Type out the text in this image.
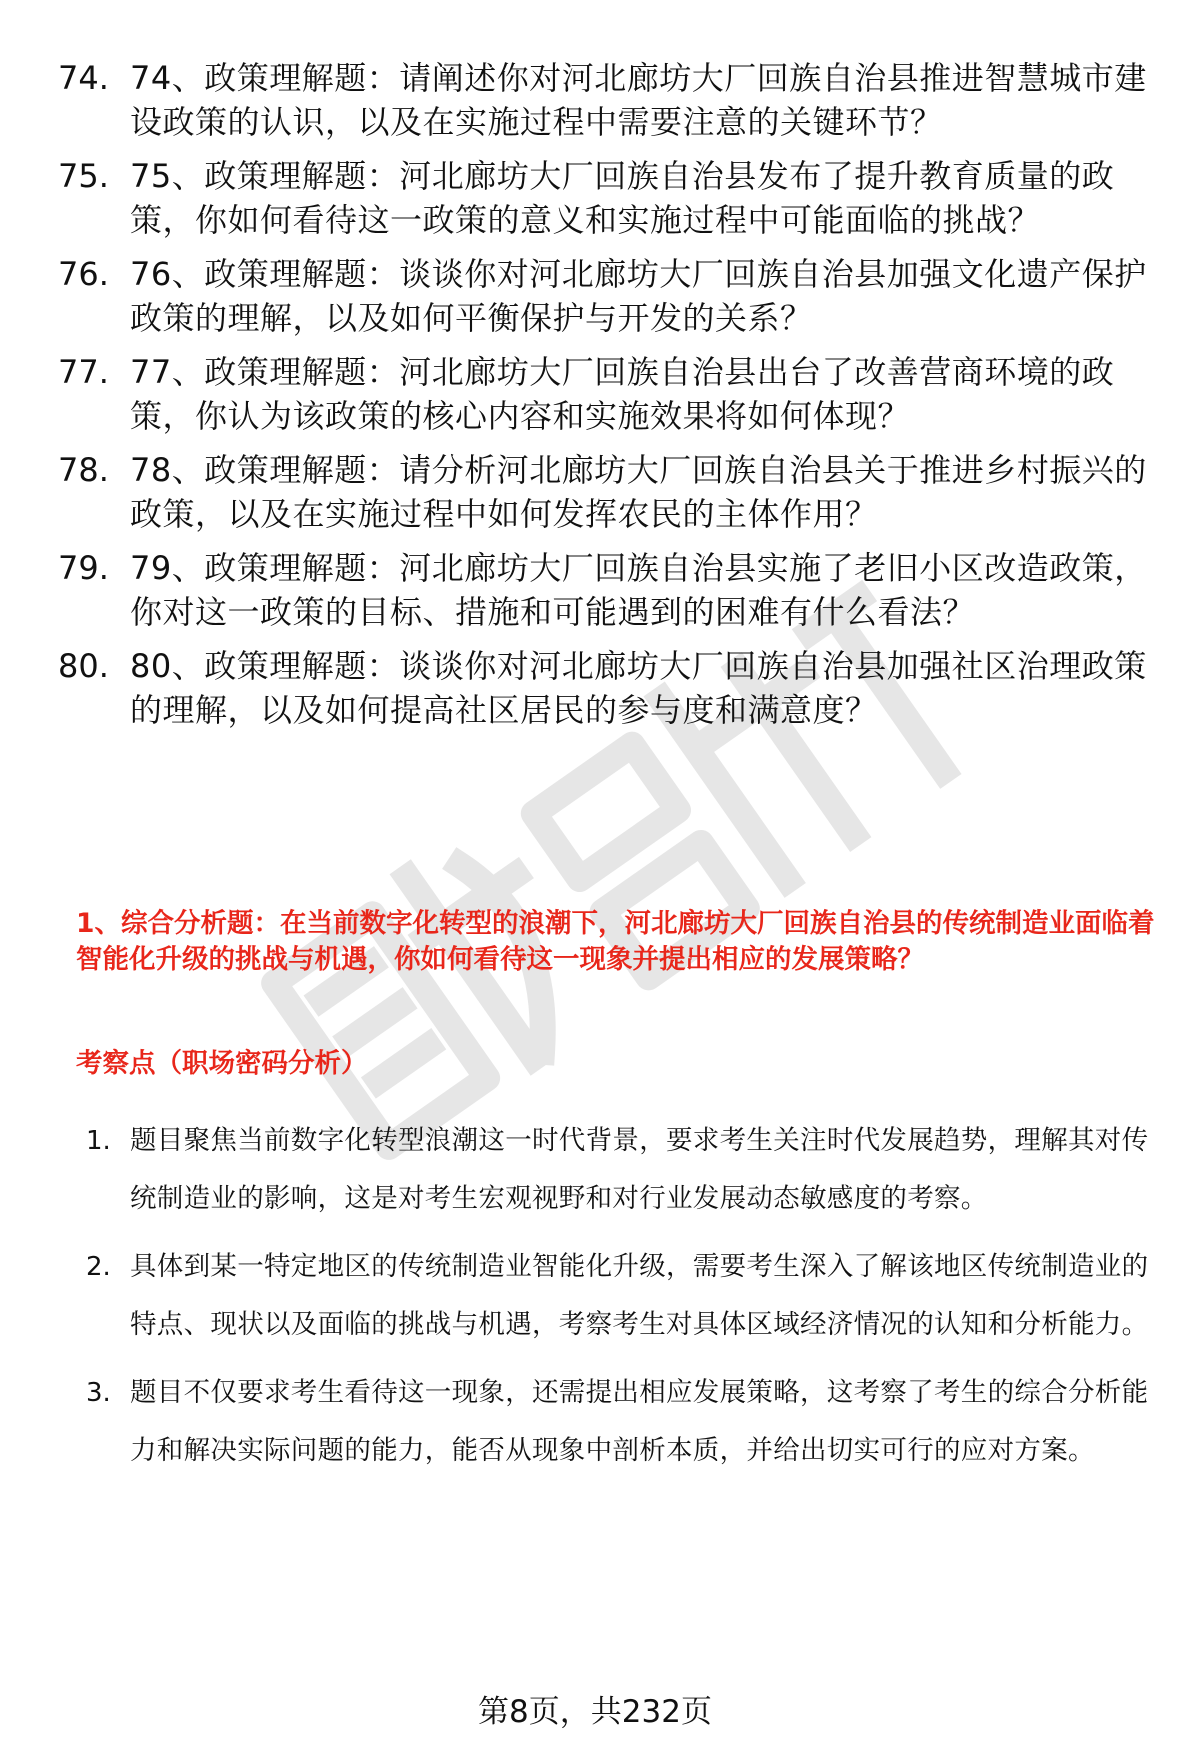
74. 74、政策理解题：请阐述你对河北廊坊大厂回族自治县推进智慧城市建设政策的认识，以及在实施过程中需要注意的关键环节？
75. 75、政策理解题：河北廊坊大厂回族自治县发布了提升教育质量的政策，你如何看待这一政策的意义和实施过程中可能面临的挑战？
76. 76、政策理解题：谈谈你对河北廊坊大厂回族自治县加强文化遗产保护政策的理解，以及如何平衡保护与开发的关系？
77. 77、政策理解题：河北廊坊大厂回族自治县出台了改善营商环境的政策，你认为该政策的核心内容和实施效果将如何体现？
78. 78、政策理解题：请分析河北廊坊大厂回族自治县关于推进乡村振兴的政策，以及在实施过程中如何发挥农民的主体作用？
79. 79、政策理解题：河北廊坊大厂回族自治县实施了老旧小区改造政策，你对这一政策的目标、措施和可能遇到的困难有什么看法？
80. 80、政策理解题：谈谈你对河北廊坊大厂回族自治县加强社区治理政策的理解，以及如何提高社区居民的参与度和满意度？

1、综合分析题：在当前数字化转型的浪潮下，河北廊坊大厂回族自治县的传统制造业面临着智能化升级的挑战与机遇，你如何看待这一现象并提出相应的发展策略？

考察点（职场密码分析）

1. 题目聚焦当前数字化转型浪潮这一时代背景，要求考生关注时代发展趋势，理解其对传统制造业的影响，这是对考生宏观视野和对行业发展动态敏感度的考察。
2. 具体到某一特定地区的传统制造业智能化升级，需要考生深入了解该地区传统制造业的特点、现状以及面临的挑战与机遇，考察考生对具体区域经济情况的认知和分析能力。
3. 题目不仅要求考生看待这一现象，还需提出相应发展策略，这考察了考生的综合分析能力和解决实际问题的能力，能否从现象中剖析本质，并给出切实可行的应对方案。
第8页，共232页
